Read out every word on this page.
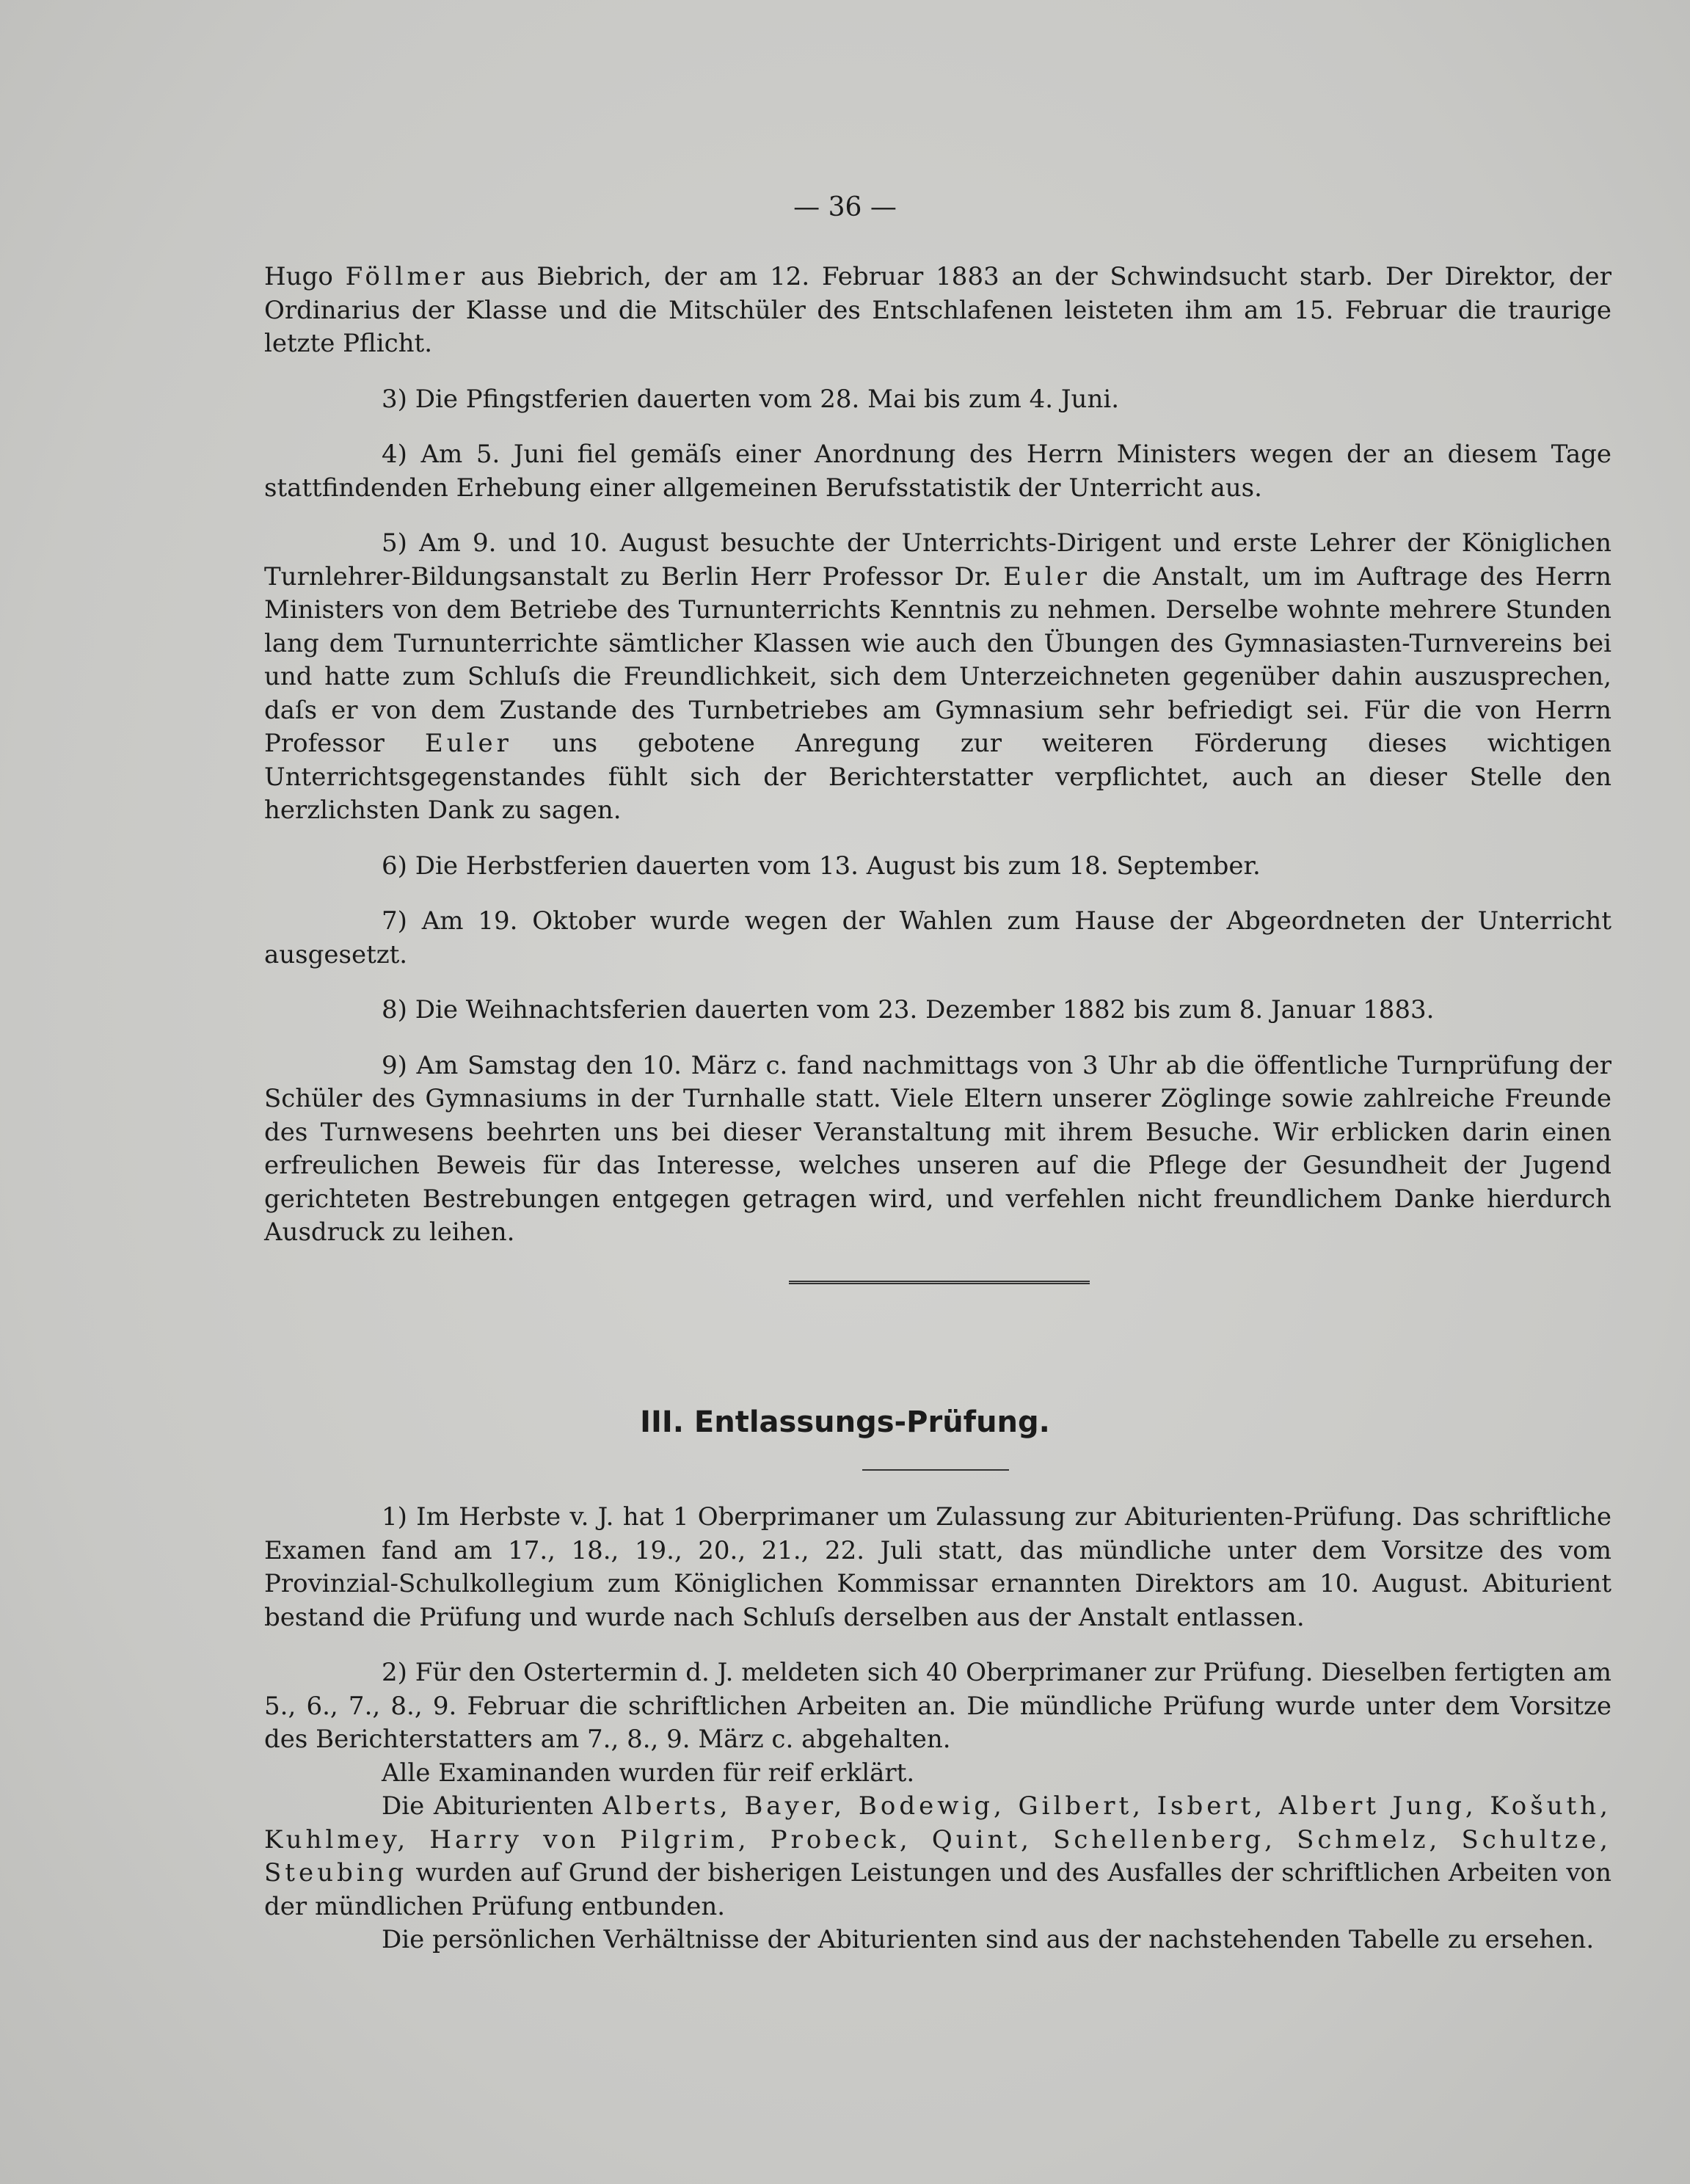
— 36 —

Hugo Föllmer aus Biebrich, der am 12. Februar 1883 an der Schwindsucht starb. Der Direktor, der Ordinarius der Klasse und die Mitschüler des Entschlafenen leisteten ihm am 15. Februar die traurige letzte Pflicht.

3) Die Pfingstferien dauerten vom 28. Mai bis zum 4. Juni.

4) Am 5. Juni fiel gemäſs einer Anordnung des Herrn Ministers wegen der an diesem Tage stattfindenden Erhebung einer allgemeinen Berufsstatistik der Unterricht aus.

5) Am 9. und 10. August besuchte der Unterrichts-Dirigent und erste Lehrer der Königlichen Turnlehrer-Bildungsanstalt zu Berlin Herr Professor Dr. Euler die Anstalt, um im Auftrage des Herrn Ministers von dem Betriebe des Turnunterrichts Kenntnis zu nehmen. Derselbe wohnte mehrere Stunden lang dem Turnunterrichte sämtlicher Klassen wie auch den Übungen des Gymnasiasten-Turnvereins bei und hatte zum Schluſs die Freundlichkeit, sich dem Unterzeichneten gegenüber dahin auszusprechen, daſs er von dem Zustande des Turnbetriebes am Gymnasium sehr befriedigt sei. Für die von Herrn Professor Euler uns gebotene Anregung zur weiteren Förderung dieses wichtigen Unterrichtsgegenstandes fühlt sich der Berichterstatter verpflichtet, auch an dieser Stelle den herzlichsten Dank zu sagen.

6) Die Herbstferien dauerten vom 13. August bis zum 18. September.

7) Am 19. Oktober wurde wegen der Wahlen zum Hause der Abgeordneten der Unterricht ausgesetzt.

8) Die Weihnachtsferien dauerten vom 23. Dezember 1882 bis zum 8. Januar 1883.

9) Am Samstag den 10. März c. fand nachmittags von 3 Uhr ab die öffentliche Turnprüfung der Schüler des Gymnasiums in der Turnhalle statt. Viele Eltern unserer Zöglinge sowie zahlreiche Freunde des Turnwesens beehrten uns bei dieser Veranstaltung mit ihrem Besuche. Wir erblicken darin einen erfreulichen Beweis für das Interesse, welches unseren auf die Pflege der Gesundheit der Jugend gerichteten Bestrebungen entgegen getragen wird, und verfehlen nicht freundlichem Danke hierdurch Ausdruck zu leihen.

III. Entlassungs-Prüfung.

1) Im Herbste v. J. hat 1 Oberprimaner um Zulassung zur Abiturienten-Prüfung. Das schriftliche Examen fand am 17., 18., 19., 20., 21., 22. Juli statt, das mündliche unter dem Vorsitze des vom Provinzial-Schulkollegium zum Königlichen Kommissar ernannten Direktors am 10. August. Abiturient bestand die Prüfung und wurde nach Schluſs derselben aus der Anstalt entlassen.

2) Für den Ostertermin d. J. meldeten sich 40 Oberprimaner zur Prüfung. Dieselben fertigten am 5., 6., 7., 8., 9. Februar die schriftlichen Arbeiten an. Die mündliche Prüfung wurde unter dem Vorsitze des Berichterstatters am 7., 8., 9. März c. abgehalten.

Alle Examinanden wurden für reif erklärt.

Die Abiturienten Alberts, Bayer, Bodewig, Gilbert, Isbert, Albert Jung, Košuth, Kuhlmey, Harry von Pilgrim, Probeck, Quint, Schellenberg, Schmelz, Schultze, Steubing wurden auf Grund der bisherigen Leistungen und des Ausfalles der schriftlichen Arbeiten von der mündlichen Prüfung entbunden.

Die persönlichen Verhältnisse der Abiturienten sind aus der nachstehenden Tabelle zu ersehen.
